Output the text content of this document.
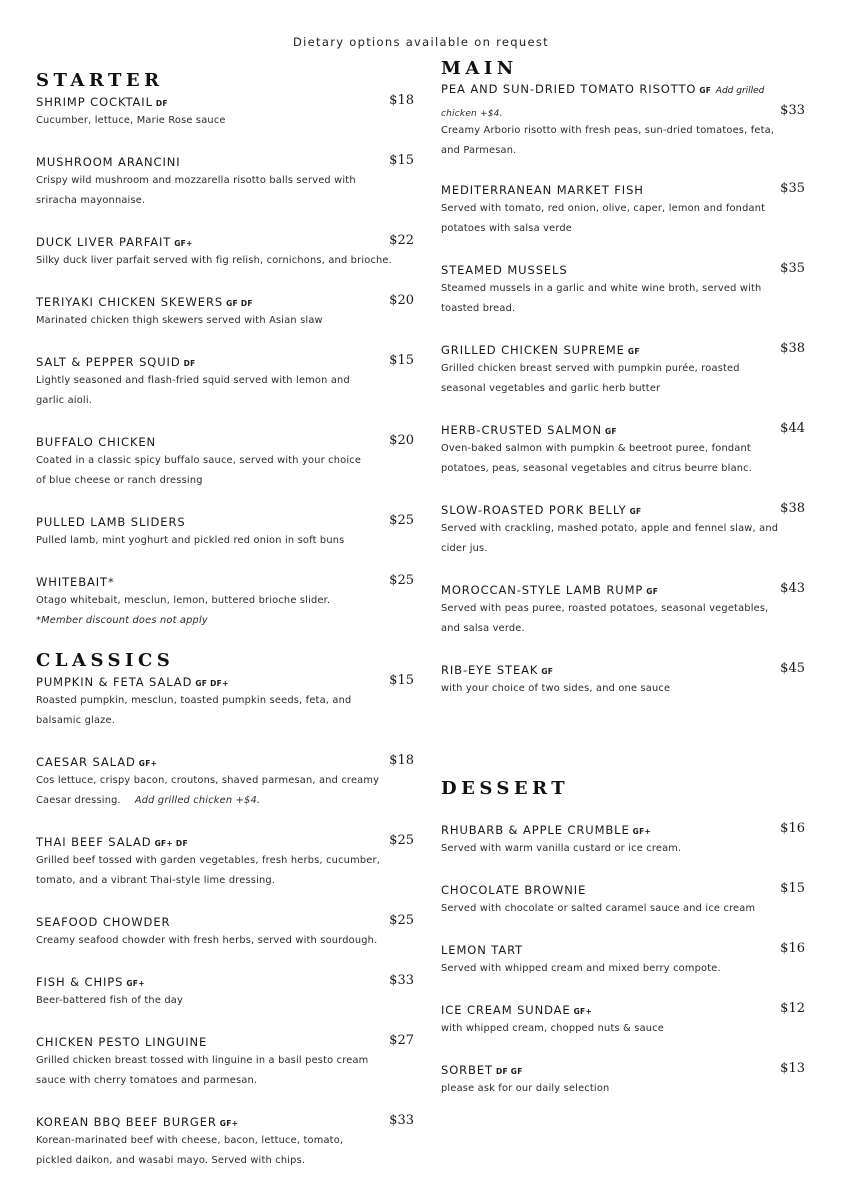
Dietary options available on request
STARTER
SHRIMP COCKTAIL DF	$18
Cucumber, lettuce, Marie Rose sauce
MUSHROOM ARANCINI	$15
Crispy wild mushroom and mozzarella risotto balls served with
sriracha mayonnaise.
DUCK LIVER PARFAIT GF+	$22
Silky duck liver parfait served with fig relish, cornichons, and brioche.
TERIYAKI CHICKEN SKEWERS GF DF	$20
Marinated chicken thigh skewers served with Asian slaw
SALT & PEPPER SQUID DF	$15
Lightly seasoned and flash-fried squid served with lemon and
garlic aioli.
BUFFALO CHICKEN	$20
Coated in a classic spicy buffalo sauce, served with your choice
of blue cheese or ranch dressing
PULLED LAMB SLIDERS	$25
Pulled lamb, mint yoghurt and pickled red onion in soft buns
WHITEBAIT*	$25
Otago whitebait, mesclun, lemon, buttered brioche slider.
*Member discount does not apply
CLASSICS
PUMPKIN & FETA SALAD GF DF+	$15
Roasted pumpkin, mesclun, toasted pumpkin seeds, feta, and
balsamic glaze.
CAESAR SALAD GF+	$18
Cos lettuce, crispy bacon, croutons, shaved parmesan, and creamy
Caesar dressing. Add grilled chicken +$4.
THAI BEEF SALAD GF+ DF	$25
Grilled beef tossed with garden vegetables, fresh herbs, cucumber,
tomato, and a vibrant Thai-style lime dressing.
SEAFOOD CHOWDER	$25
Creamy seafood chowder with fresh herbs, served with sourdough.
FISH & CHIPS GF+	$33
Beer-battered fish of the day
CHICKEN PESTO LINGUINE	$27
Grilled chicken breast tossed with linguine in a basil pesto cream
sauce with cherry tomatoes and parmesan.
KOREAN BBQ BEEF BURGER GF+	$33
Korean-marinated beef with cheese, bacon, lettuce, tomato,
pickled daikon, and wasabi mayo. Served with chips.
MAIN
PEA AND SUN-DRIED TOMATO RISOTTO GF Add grilled
chicken +$4.	$33
Creamy Arborio risotto with fresh peas, sun-dried tomatoes, feta,
and Parmesan.
MEDITERRANEAN MARKET FISH	$35
Served with tomato, red onion, olive, caper, lemon and fondant
potatoes with salsa verde
STEAMED MUSSELS	$35
Steamed mussels in a garlic and white wine broth, served with
toasted bread.
GRILLED CHICKEN SUPREME GF	$38
Grilled chicken breast served with pumpkin purée, roasted
seasonal vegetables and garlic herb butter
HERB-CRUSTED SALMON GF	$44
Oven-baked salmon with pumpkin & beetroot puree, fondant
potatoes, peas, seasonal vegetables and citrus beurre blanc.
SLOW-ROASTED PORK BELLY GF	$38
Served with crackling, mashed potato, apple and fennel slaw, and
cider jus.
MOROCCAN-STYLE LAMB RUMP GF	$43
Served with peas puree, roasted potatoes, seasonal vegetables,
and salsa verde.
RIB-EYE STEAK GF	$45
with your choice of two sides, and one sauce
DESSERT
RHUBARB & APPLE CRUMBLE GF+	$16
Served with warm vanilla custard or ice cream.
CHOCOLATE BROWNIE	$15
Served with chocolate or salted caramel sauce and ice cream
LEMON TART	$16
Served with whipped cream and mixed berry compote.
ICE CREAM SUNDAE GF+	$12
with whipped cream, chopped nuts & sauce
SORBET DF GF	$13
please ask for our daily selection
